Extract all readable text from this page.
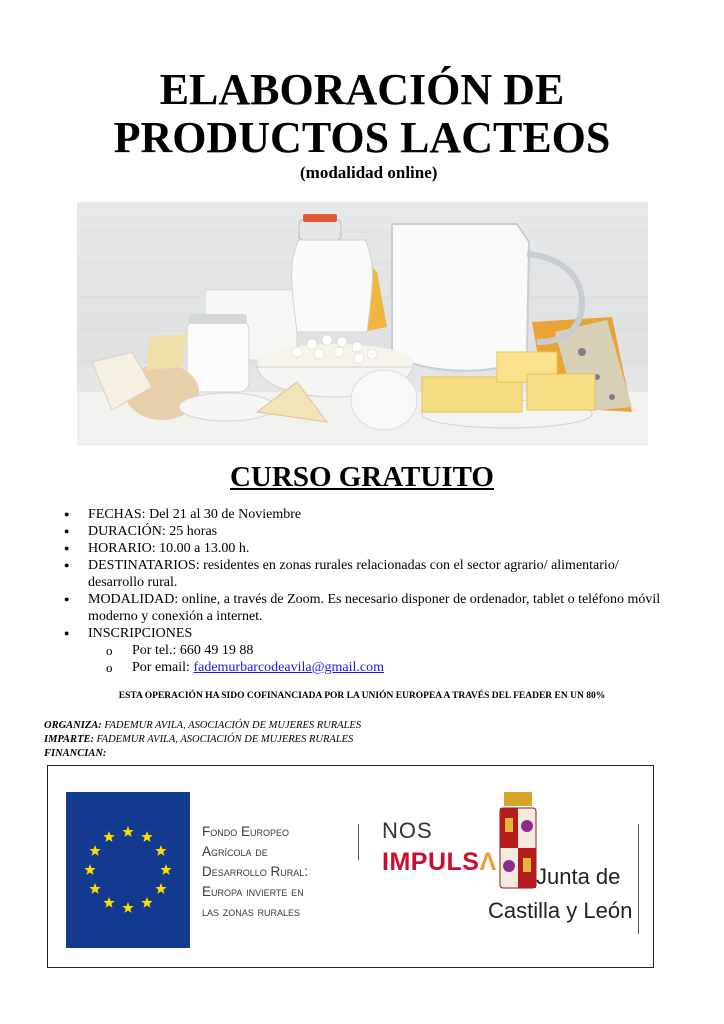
ELABORACIÓN DE
PRODUCTOS LACTEOS
(modalidad online)
CURSO GRATUITO
● FECHAS: Del 21 al 30 de Noviembre
● DURACIÓN: 25 horas
● HORARIO: 10.00 a 13.00 h.
● DESTINATARIOS: residentes en zonas rurales relacionadas con el sector agrario/ alimentario/ desarrollo rural.
● MODALIDAD: online, a través de Zoom. Es necesario disponer de ordenador, tablet o teléfono móvil moderno y conexión a internet.
● INSCRIPCIONES
o Por tel.: 660 49 19 88
o Por email: fademurbarcodeavila@gmail.com
ESTA OPERACIÓN HA SIDO COFINANCIADA POR LA UNIÓN EUROPEA A TRAVÉS DEL FEADER EN UN 80%
ORGANIZA: FADEMUR AVILA, ASOCIACIÓN DE MUJERES RURALES
IMPARTE: FADEMUR AVILA, ASOCIACIÓN DE MUJERES RURALES
FINANCIAN:
Fondo Europeo
Agrícola de
Desarrollo Rural:
Europa invierte en
las zonas rurales
NOS
IMPULSΛ
Junta de
Castilla y León
